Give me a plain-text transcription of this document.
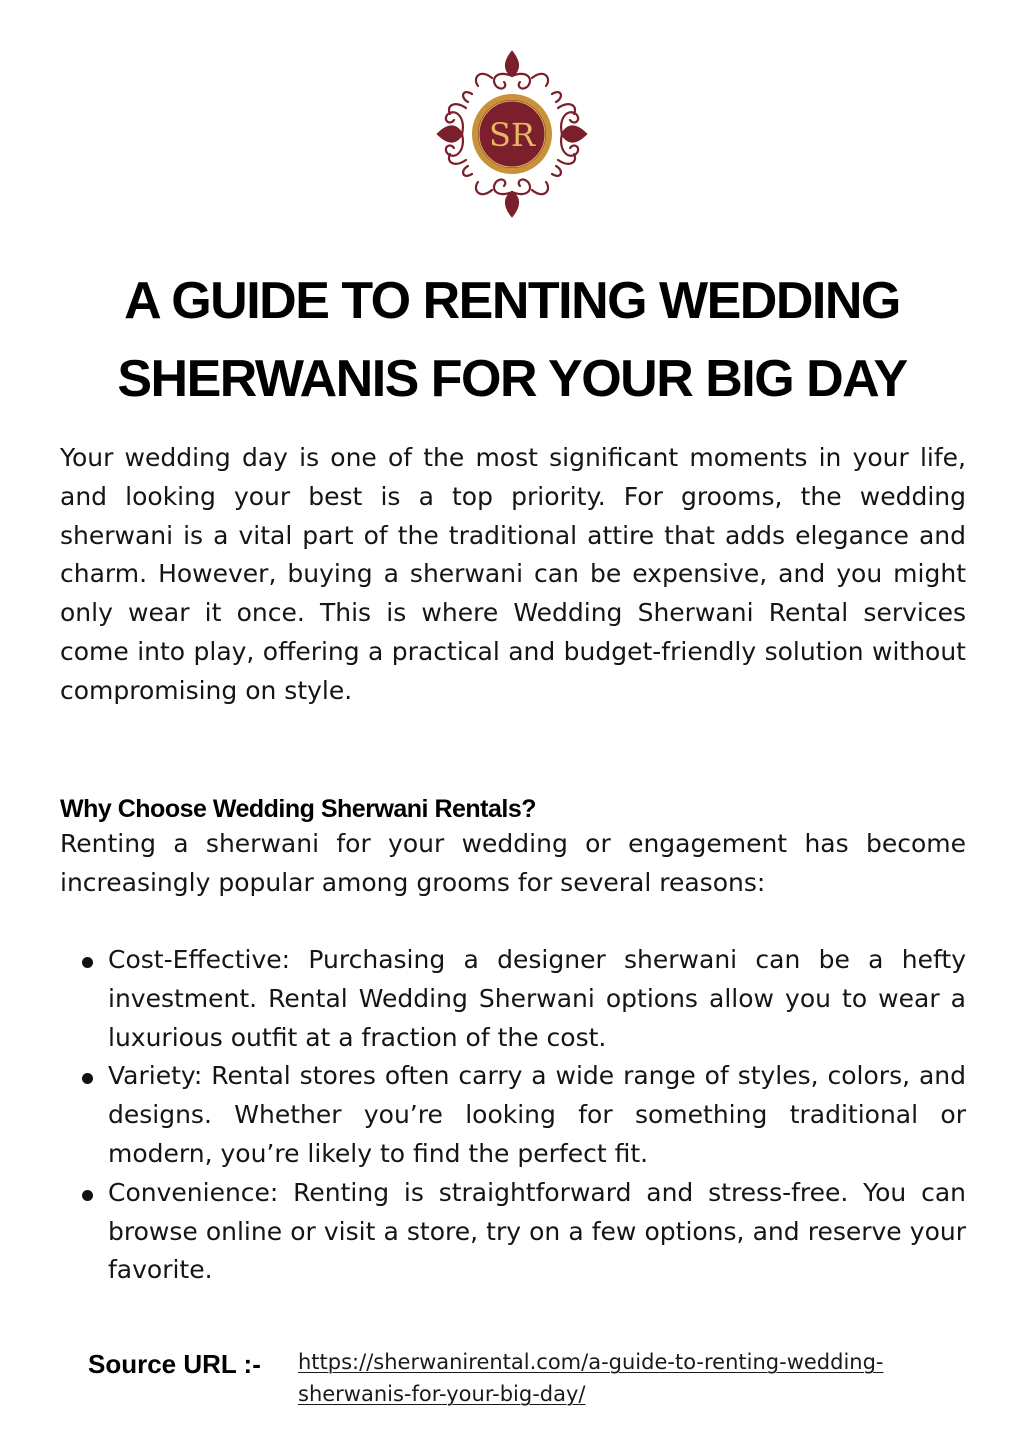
SR
A GUIDE TO RENTING WEDDING SHERWANIS FOR YOUR BIG DAY

Your wedding day is one of the most significant moments in your life, and looking your best is a top priority. For grooms, the wedding sherwani is a vital part of the traditional attire that adds elegance and charm. However, buying a sherwani can be expensive, and you might only wear it once. This is where Wedding Sherwani Rental services come into play, offering a practical and budget-friendly solution without compromising on style.

Why Choose Wedding Sherwani Rentals?

Renting a sherwani for your wedding or engagement has become increasingly popular among grooms for several reasons:

Cost-Effective: Purchasing a designer sherwani can be a hefty investment. Rental Wedding Sherwani options allow you to wear a luxurious outfit at a fraction of the cost.
Variety: Rental stores often carry a wide range of styles, colors, and designs. Whether you’re looking for something traditional or modern, you’re likely to find the perfect fit.
Convenience: Renting is straightforward and stress-free. You can browse online or visit a store, try on a few options, and reserve your favorite.
Source URL :- https://sherwanirental.com/a-guide-to-renting-wedding-sherwanis-for-your-big-day/
